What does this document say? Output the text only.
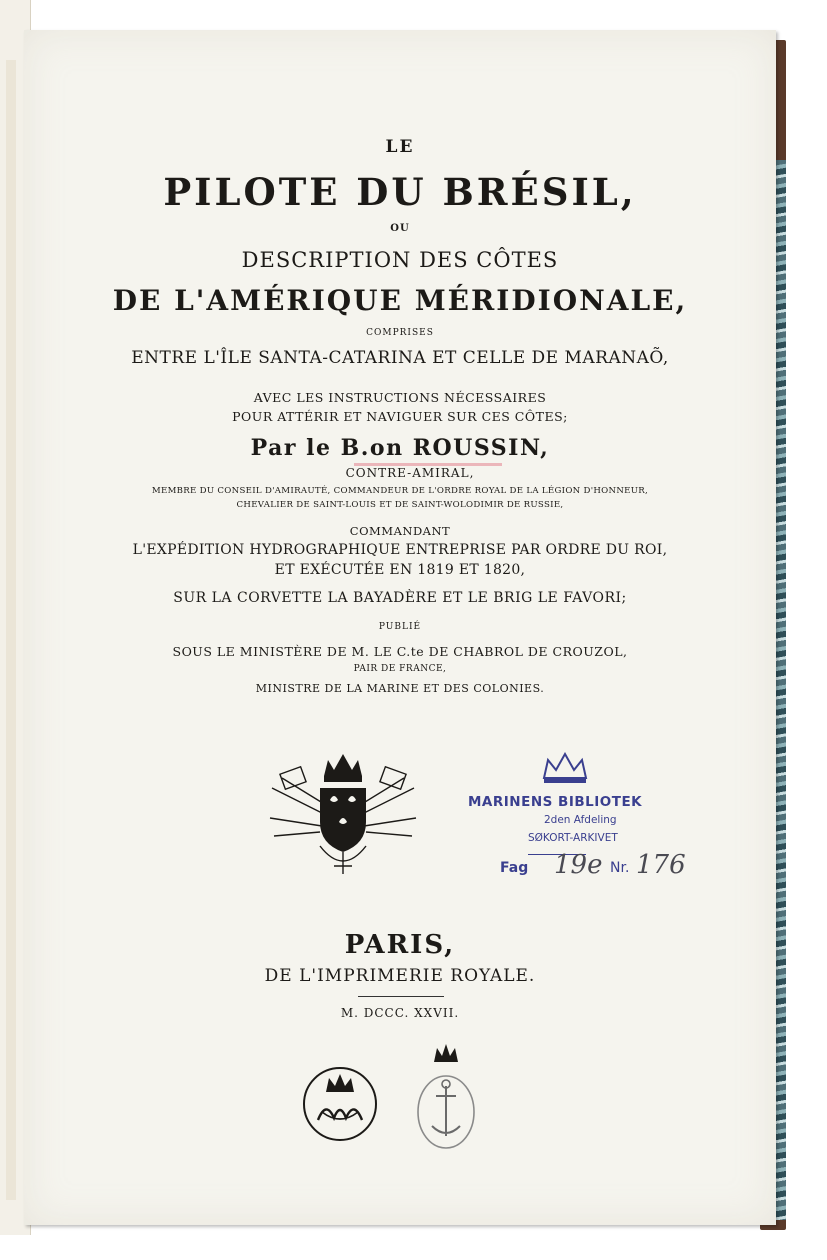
LE
PILOTE DU BRÉSIL,
OU
DESCRIPTION DES CÔTES
DE L'AMÉRIQUE MÉRIDIONALE,
COMPRISES
ENTRE L'ÎLE SANTA-CATARINA ET CELLE DE MARANAÕ,
AVEC LES INSTRUCTIONS NÉCESSAIRES
POUR ATTÉRIR ET NAVIGUER SUR CES CÔTES;
Par le B.on ROUSSIN,
CONTRE-AMIRAL,
MEMBRE DU CONSEIL D'AMIRAUTÉ, COMMANDEUR DE L'ORDRE ROYAL DE LA LÉGION D'HONNEUR,
CHEVALIER DE SAINT-LOUIS ET DE SAINT-WOLODIMIR DE RUSSIE,
COMMANDANT
L'EXPÉDITION HYDROGRAPHIQUE ENTREPRISE PAR ORDRE DU ROI,
ET EXÉCUTÉE EN 1819 ET 1820,
SUR LA CORVETTE LA BAYADÈRE ET LE BRIG LE FAVORI;
PUBLIÉ
SOUS LE MINISTÈRE DE M. LE C.te DE CHABROL DE CROUZOL,
PAIR DE FRANCE,
MINISTRE DE LA MARINE ET DES COLONIES.
MARINENS BIBLIOTEK
2den Afdeling
SØKORT-ARKIVET
Fag 19e Nr. 176
PARIS,
DE L'IMPRIMERIE ROYALE.
M. DCCC. XXVII.
